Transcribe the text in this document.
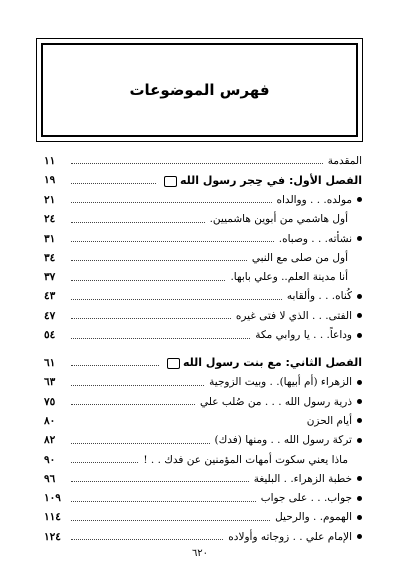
فهرس الموضوعات
المقدمة
١١
الفصل الأول: في حِجر رسول الله
١٩
مولده. . . ووالداه
٢١
أول هاشمي من أبوين هاشميين.
٢٤
نشأته. . . وصباه.
٣١
أول من صلى مع النبي
٣٤
أنا مدينة العلم.. وعلي بابها.
٣٧
كُناه. . . وألقابه
٤٣
الفتى. . . الذي لا فتى غيره
٤٧
وداعاً. . . يا روابي مكة
٥٤
الفصل الثاني: مع بنت رسول الله
٦١
الزهراء (أم أبيها). . وبيت الزوجية
٦٣
ذرية رسول الله . . . من صُلب علي
٧٥
أيام الحزن
٨٠
تركة رسول الله . . ومنها (فدك)
٨٢
ماذا يعني سكوت أمهات المؤمنين عن فدك . . !
٩٠
خطبة الزهراء. . البليغة
٩٦
جواب. . . على جواب
١٠٩
الهموم. . والرحيل
١١٤
الإمام علي . . زوجاته وأولاده
١٢٤
٦٢٠
